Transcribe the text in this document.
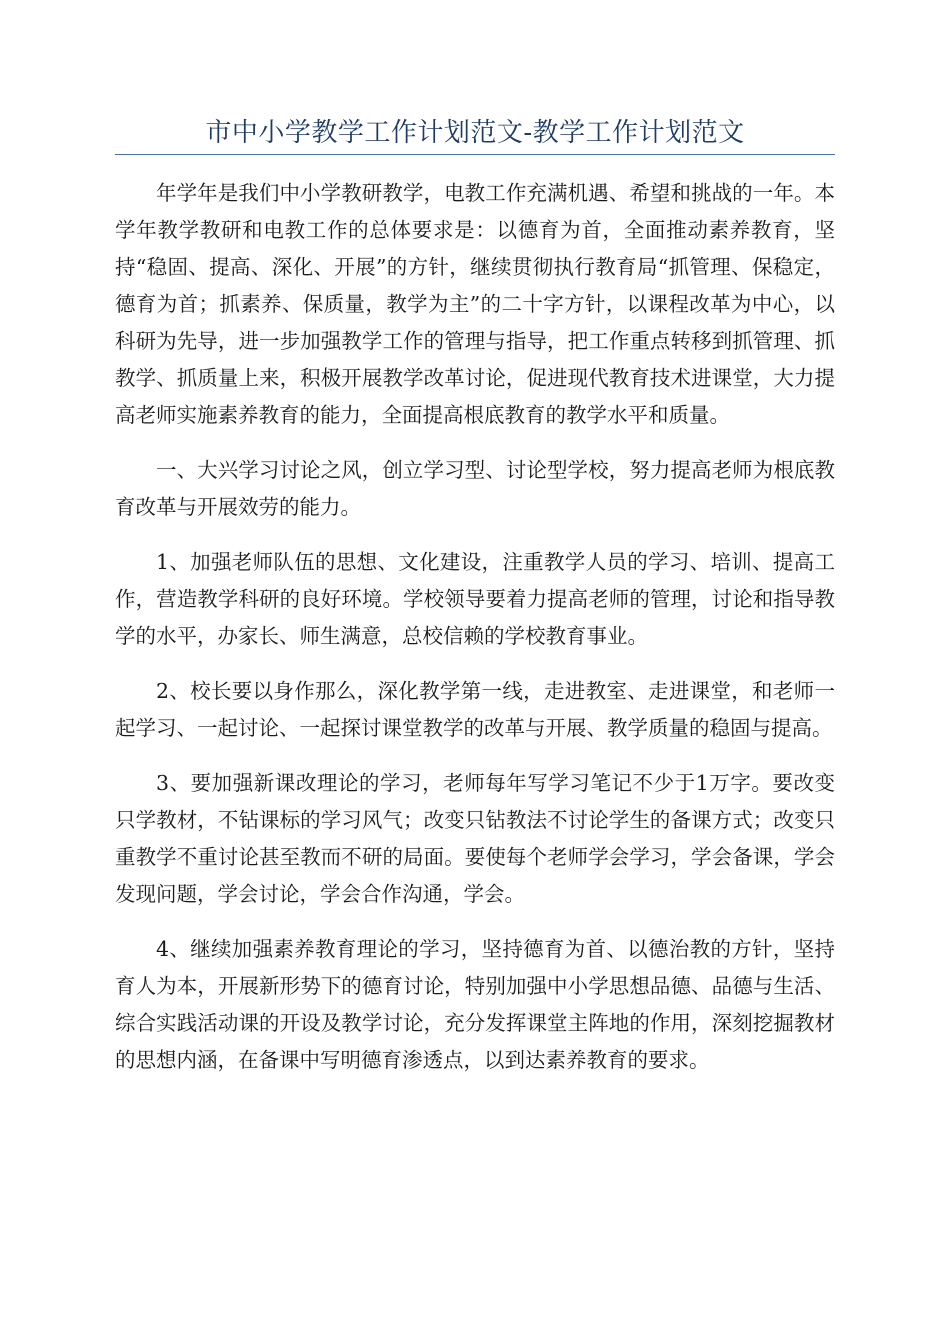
市中小学教学工作计划范文-教学工作计划范文

年学年是我们中小学教研教学，电教工作充满机遇、希望和挑战的一年。本学年教学教研和电教工作的总体要求是：以德育为首，全面推动素养教育，坚持“稳固、提高、深化、开展”的方针，继续贯彻执行教育局“抓管理、保稳定，德育为首；抓素养、保质量，教学为主”的二十字方针，以课程改革为中心，以科研为先导，进一步加强教学工作的管理与指导，把工作重点转移到抓管理、抓教学、抓质量上来，积极开展教学改革讨论，促进现代教育技术进课堂，大力提高老师实施素养教育的能力，全面提高根底教育的教学水平和质量。

一、大兴学习讨论之风，创立学习型、讨论型学校，努力提高老师为根底教育改革与开展效劳的能力。

1、加强老师队伍的思想、文化建设，注重教学人员的学习、培训、提高工作，营造教学科研的良好环境。学校领导要着力提高老师的管理，讨论和指导教学的水平，办家长、师生满意，总校信赖的学校教育事业。

2、校长要以身作那么，深化教学第一线，走进教室、走进课堂，和老师一起学习、一起讨论、一起探讨课堂教学的改革与开展、教学质量的稳固与提高。

3、要加强新课改理论的学习，老师每年写学习笔记不少于1万字。要改变只学教材，不钻课标的学习风气；改变只钻教法不讨论学生的备课方式；改变只重教学不重讨论甚至教而不研的局面。要使每个老师学会学习，学会备课，学会发现问题，学会讨论，学会合作沟通，学会。

4、继续加强素养教育理论的学习，坚持德育为首、以德治教的方针，坚持育人为本，开展新形势下的德育讨论，特别加强中小学思想品德、品德与生活、综合实践活动课的开设及教学讨论，充分发挥课堂主阵地的作用，深刻挖掘教材的思想内涵，在备课中写明德育渗透点，以到达素养教育的要求。
